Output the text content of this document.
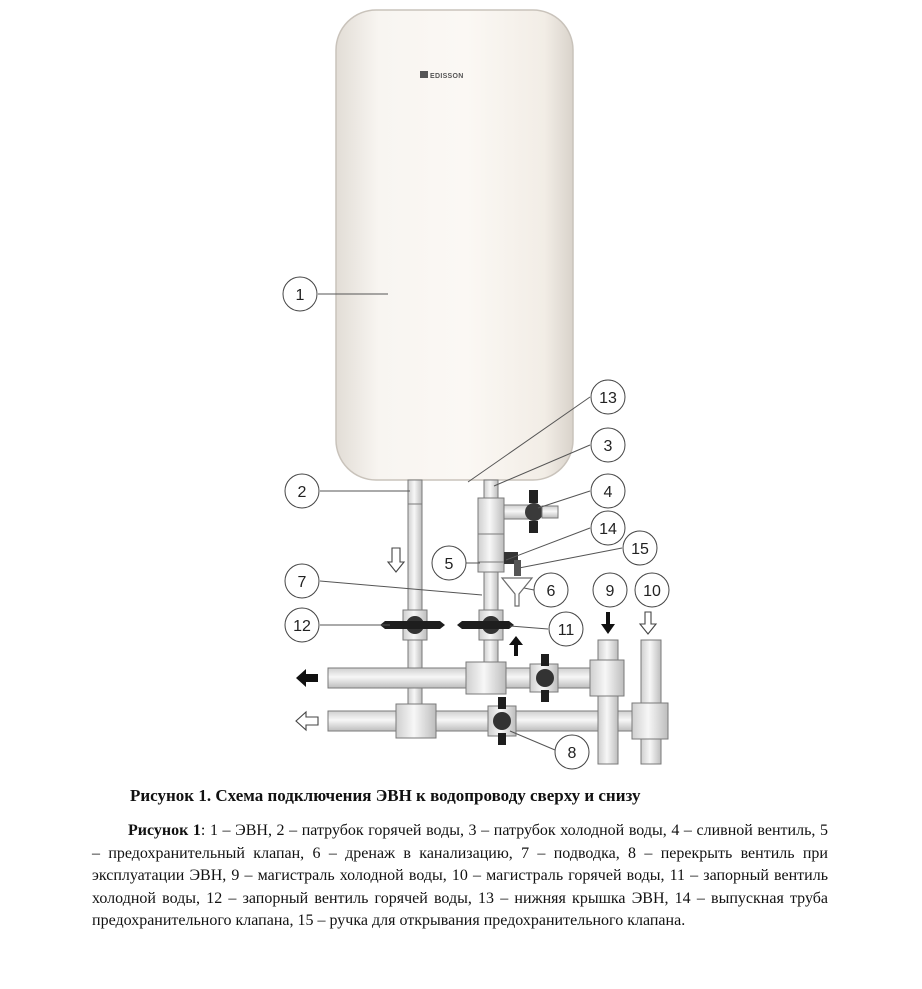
EDISSON
1
2
3
4
5
6
7
8
9 10
11
12
13
14
15
Рисунок 1. Схема подключения ЭВН к водопроводу сверху и снизу
Рисунок 1: 1 – ЭВН, 2 – патрубок горячей воды, 3 – патрубок холодной воды, 4 – сливной вентиль, 5 – предохранительный клапан, 6 – дренаж в канализацию, 7 – подводка, 8 – перекрыть вентиль при эксплуатации ЭВН, 9 – магистраль холодной воды, 10 – магистраль горячей воды, 11 – запорный вентиль холодной воды, 12 – запорный вентиль горячей воды, 13 – нижняя крышка ЭВН, 14 – выпускная труба предохранительного клапана, 15 – ручка для открывания предохранительного клапана.
